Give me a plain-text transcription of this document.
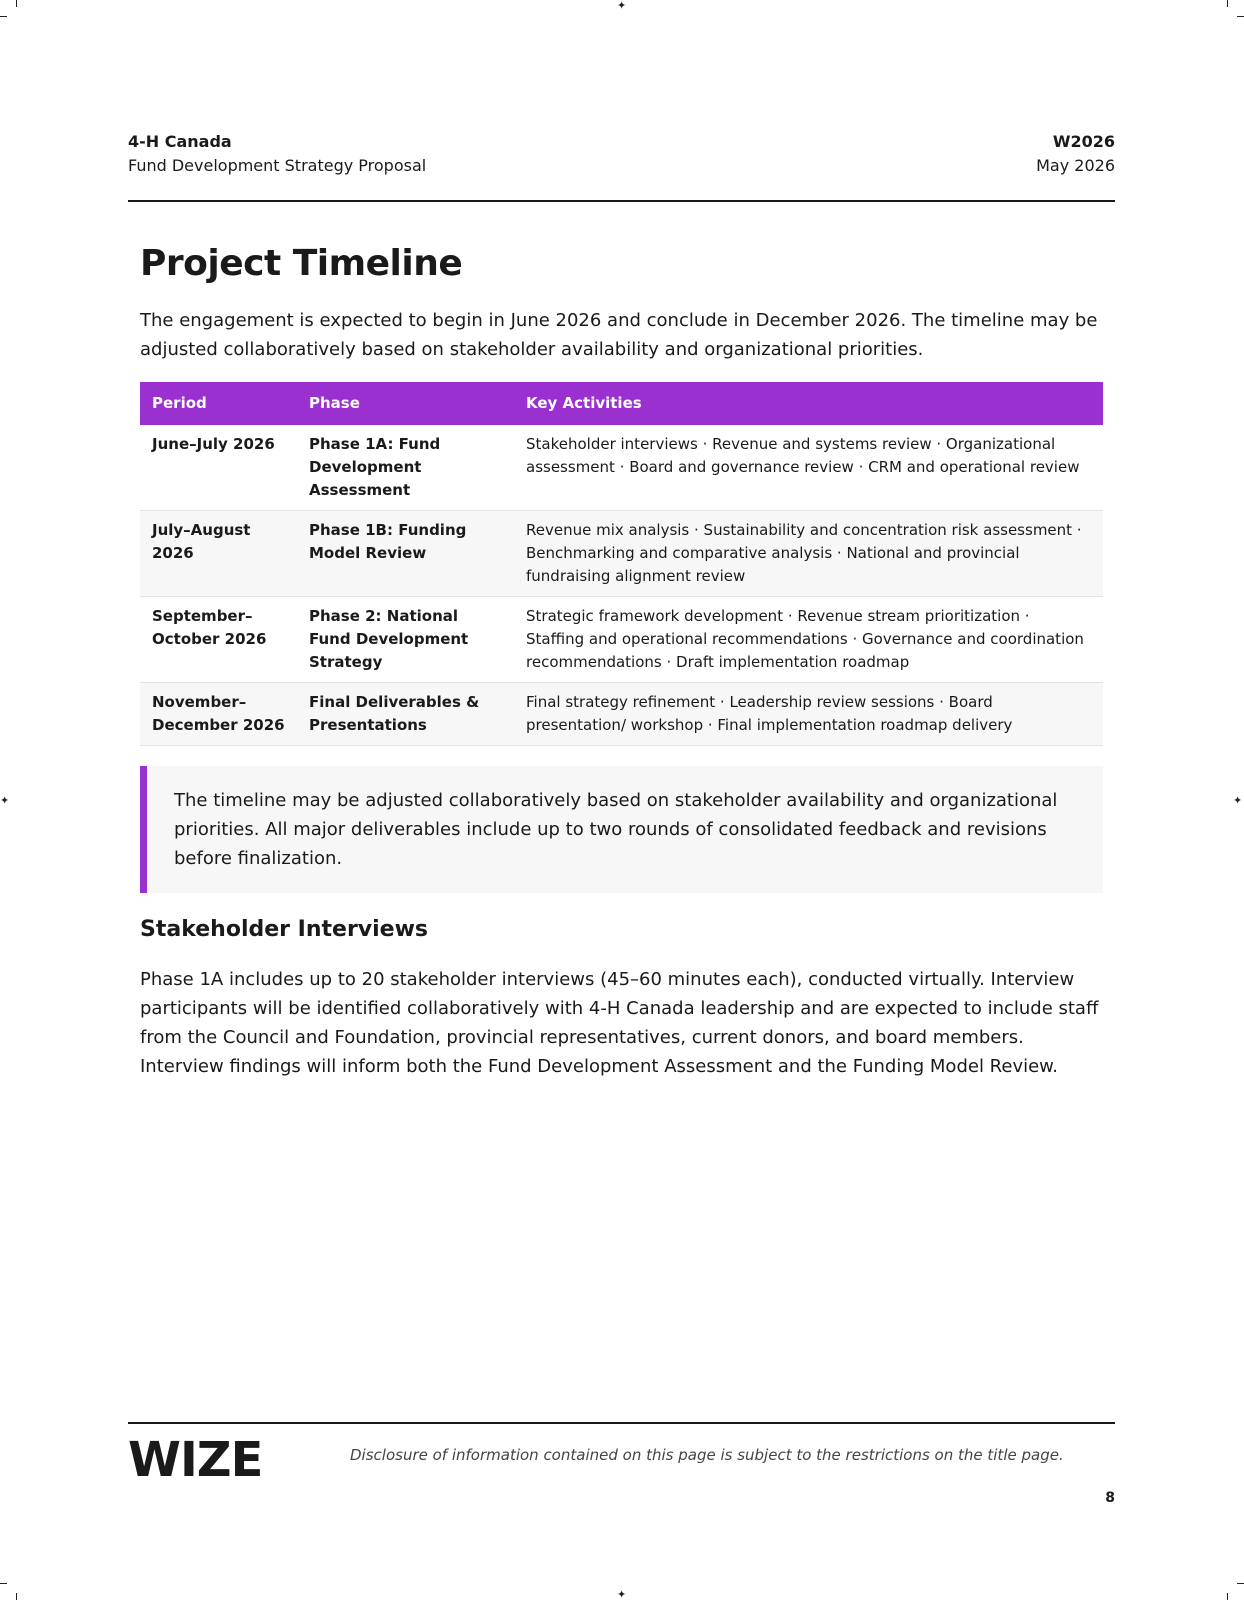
✦
✦
✦	✦
4-H Canada
Fund Development Strategy Proposal
W2026
May 2026
Project Timeline

The engagement is expected to begin in June 2026 and conclude in December 2026. The timeline may be adjusted collaboratively based on stakeholder availability and organizational priorities.

Period	Phase	Key Activities
June–July 2026	Phase 1A: Fund Development Assessment	Stakeholder interviews · Revenue and systems review · Organizational assessment · Board and governance review · CRM and operational review
July–August 2026	Phase 1B: Funding Model Review	Revenue mix analysis · Sustainability and concentration risk assessment · Benchmarking and comparative analysis · National and provincial fundraising alignment review
September–October 2026	Phase 2: National Fund Development Strategy	Strategic framework development · Revenue stream prioritization · Staffing and operational recommendations · Governance and coordination recommendations · Draft implementation roadmap
November–December 2026	Final Deliverables & Presentations	Final strategy refinement · Leadership review sessions · Board presentation/ workshop · Final implementation roadmap delivery
The timeline may be adjusted collaboratively based on stakeholder availability and organizational priorities. All major deliverables include up to two rounds of consolidated feedback and revisions before finalization.
Stakeholder Interviews

Phase 1A includes up to 20 stakeholder interviews (45–60 minutes each), conducted virtually. Interview participants will be identified collaboratively with 4-H Canada leadership and are expected to include staff from the Council and Foundation, provincial representatives, current donors, and board members. Interview findings will inform both the Fund Development Assessment and the Funding Model Review.

WIZE	Disclosure of information contained on this page is subject to the restrictions on the title page.
8
